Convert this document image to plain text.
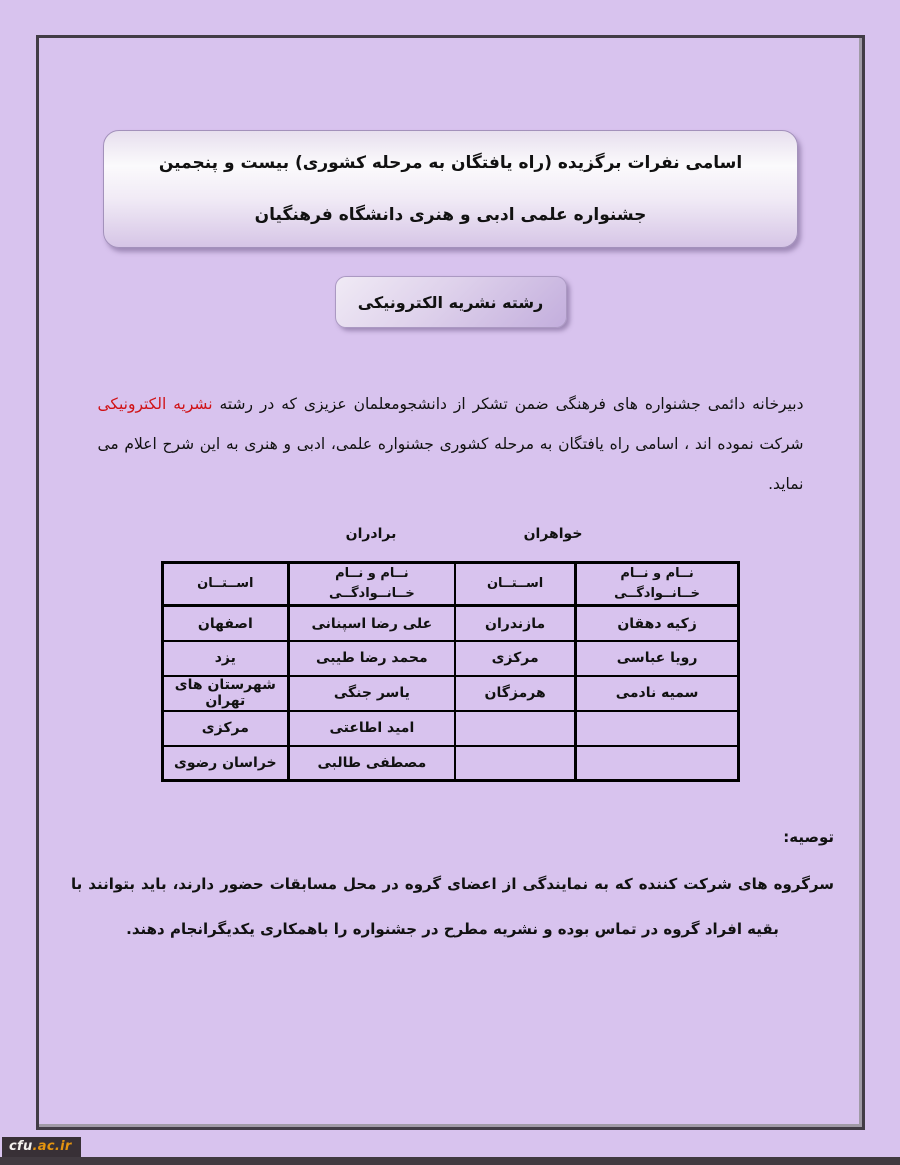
اسامی نفرات برگزیده (راه یافتگان به مرحله کشوری) بیست و پنجمین
جشنواره علمی ادبی و هنری دانشگاه فرهنگیان
رشته نشریه الکترونیکی

دبیرخانه دائمی جشنواره های فرهنگی ضمن تشکر از دانشجومعلمان عزیزی که در رشته نشریه الکترونیکی شرکت نموده اند ، اسامی راه یافتگان به مرحله کشوری جشنواره علمی، ادبی و هنری به این شرح اعلام می نماید.

برادران	خواهران
نــام و نــام خــانــوادگــی	اســتــان	نــام و نــام خــانــوادگــی	اســتــان
زکیه دهقان	مازندران	علی رضا اسپنانی	اصفهان
رویا عباسی	مرکزی	محمد رضا طیبی	یزد
سمیه نادمی	هرمزگان	یاسر جنگی	شهرستان های تهران
		امید اطاعتی	مرکزی
		مصطفی طالبی	خراسان رضوی

توصیه:

سرگروه های شرکت کننده که به نمایندگی از اعضای گروه در محل مسابقات حضور دارند، باید بتوانند با بقیه افراد گروه در تماس بوده و نشریه مطرح در جشنواره را باهمکاری یکدیگرانجام دهند.

cfu.ac.ir
